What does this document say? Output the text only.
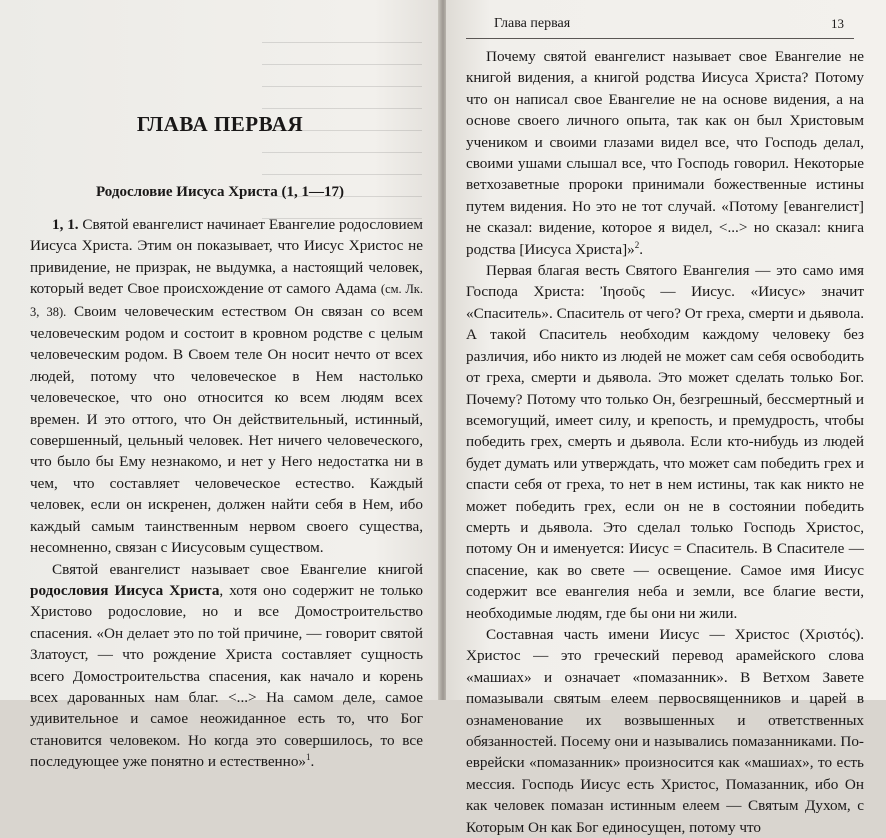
ГЛАВА ПЕРВАЯ
Родословие Иисуса Христа (1, 1—17)

1, 1. Святой евангелист начинает Евангелие родословием Иисуса Христа. Этим он показывает, что Иисус Христос не привидение, не призрак, не выдумка, а настоящий человек, который ведет Свое происхождение от самого Адама (см. Лк. 3, 38). Своим человеческим естеством Он связан со всем человеческим родом и состоит в кровном родстве с целым человеческим родом. В Своем теле Он носит нечто от всех людей, потому что человеческое в Нем настолько человеческое, что оно относится ко всем людям всех времен. И это оттого, что Он действительный, истинный, совершенный, цельный человек. Нет ничего человеческого, что было бы Ему незнакомо, и нет у Него недостатка ни в чем, что составляет человеческое естество. Каждый человек, если он искренен, должен найти себя в Нем, ибо каждый самым таинственным нервом своего существа, несомненно, связан с Иисусовым существом.

Святой евангелист называет свое Евангелие книгой родословия Иисуса Христа, хотя оно содержит не только Христово родословие, но и все Домостроительство спасения. «Он делает это по той причине, — говорит святой Златоуст, — что рождение Христа составляет сущность всего Домостроительства спасения, как начало и корень всех дарованных нам благ. <...> На самом деле, самое удивительное и самое неожиданное есть то, что Бог становится человеком. Но когда это совершилось, то все последующее уже понятно и естественно»$^1$.

Глава первая	13

Почему святой евангелист называет свое Евангелие не книгой видения, а книгой родства Иисуса Христа? Потому что он написал свое Евангелие не на основе видения, а на основе своего личного опыта, так как он был Христовым учеником и своими глазами видел все, что Господь делал, своими ушами слышал все, что Господь говорил. Некоторые ветхозаветные пророки принимали божественные истины путем видения. Но это не тот случай. «Потому [евангелист] не сказал: видение, которое я видел, <...> но сказал: книга родства [Иисуса Христа]»$^2$.

Первая благая весть Святого Евангелия — это само имя Господа Христа: Ἰησοῦς — Иисус. «Иисус» значит «Спаситель». Спаситель от чего? От греха, смерти и дьявола. А такой Спаситель необходим каждому человеку без различия, ибо никто из людей не может сам себя освободить от греха, смерти и дьявола. Это может сделать только Бог. Почему? Потому что только Он, безгрешный, бессмертный и всемогущий, имеет силу, и крепость, и премудрость, чтобы победить грех, смерть и дьявола. Если кто-нибудь из людей будет думать или утверждать, что может сам победить грех и спасти себя от греха, то нет в нем истины, так как никто не может победить грех, если он не в состоянии победить смерть и дьявола. Это сделал только Господь Христос, потому Он и именуется: Иисус = Спаситель. В Спасителе — спасение, как во свете — освещение. Самое имя Иисус содержит все евангелия неба и земли, все благие вести, необходимые людям, где бы они ни жили.

Составная часть имени Иисус — Христос (Χριστός). Христос — это греческий перевод арамейского слова «машиах» и означает «помазанник». В Ветхом Завете помазывали святым елеем первосвященников и царей в ознаменование их возвышенных и ответственных обязанностей. Посему они и назывались помазанниками. По-еврейски «помазанник» произносится как «машиах», то есть мессия. Господь Иисус есть Христос, Помазанник, ибо Он как человек помазан истинным елеем — Святым Духом, с Которым Он как Бог единосущен, потому что
